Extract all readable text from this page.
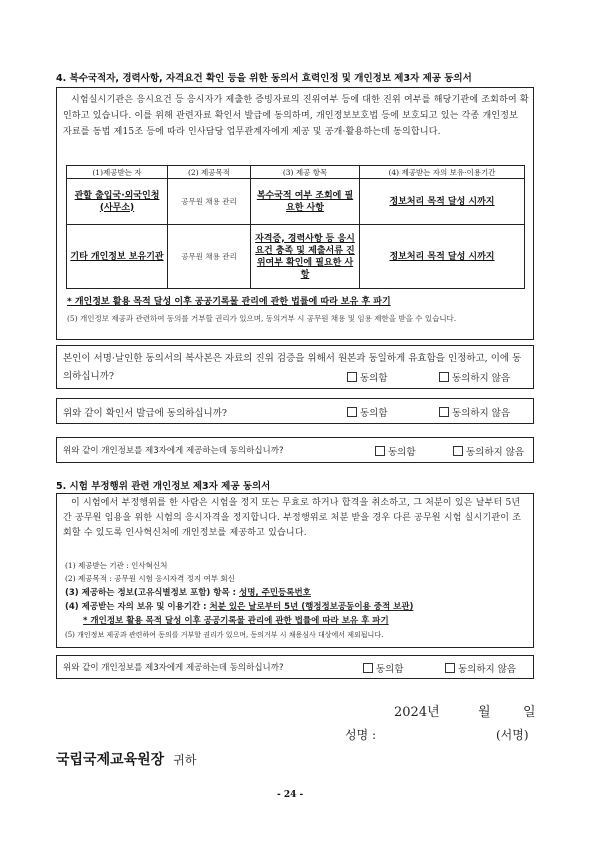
4. 복수국적자, 경력사항, 자격요건 확인 등을 위한 동의서 효력인정 및 개인정보 제3자 제공 동의서

시험실시기관은 응시요건 등 응시자가 제출한 증빙자료의 진위여부 등에 대한 진위 여부를 해당기관에 조회하여 확인하고 있습니다. 이를 위해 관련자료 확인서 발급에 동의하며, 개인정보보호법 등에 보호되고 있는 각종 개인정보 자료를 동법 제15조 등에 따라 인사담당 업무관계자에게 제공 및 공개·활용하는데 동의합니다.

(1)제공받는 자	(2) 제공목적	(3) 제공 항목	(4) 제공받는 자의 보유·이용기간
관할 출입국·외국인청(사무소)	공무원 채용 관리	복수국적 여부 조회에 필요한 사항	정보처리 목적 달성 시까지
기타 개인정보 보유기관	공무원 채용 관리	자격증, 경력사항 등 응시요건 충족 및 제출서류 진위여부 확인에 필요한 사항	정보처리 목적 달성 시까지
* 개인정보 활용 목적 달성 이후 공공기록물 관리에 관한 법률에 따라 보유 후 파기
(5) 개인정보 제공과 관련하여 동의를 거부할 권리가 있으며, 동의거부 시 공무원 채용 및 임용 제한을 받을 수 있습니다.
본인이 서명·날인한 동의서의 복사본은 자료의 진위 검증을 위해서 원본과 동일하게 유효함을 인정하고, 이에 동의하십니까?	동의함	동의하지 않음
위와 같이 확인서 발급에 동의하십니까?	동의함	동의하지 않음
위와 같이 개인정보를 제3자에게 제공하는데 동의하십니까?	동의함	동의하지 않음
5. 시험 부정행위 관련 개인정보 제3자 제공 동의서

이 시험에서 부정행위를 한 사람은 시험을 정지 또는 무효로 하거나 합격을 취소하고, 그 처분이 있은 날부터 5년간 공무원 임용을 위한 시험의 응시자격을 정지합니다. 부정행위로 처분 받을 경우 다른 공무원 시험 실시기관이 조회할 수 있도록 인사혁신처에 개인정보를 제공하고 있습니다.

(1) 제공받는 기관 : 인사혁신처
(2) 제공목적 : 공무원 시험 응시자격 정지 여부 회신
(3) 제공하는 정보(고유식별정보 포함) 항목 : 성명, 주민등록번호
(4) 제공받는 자의 보유 및 이용기간 : 처분 있은 날로부터 5년 (행정정보공동이용 중적 보관)
* 개인정보 활용 목적 달성 이후 공공기록물 관리에 관한 법률에 따라 보유 후 파기
(5) 개인정보 제공과 관련하여 동의를 거부할 권리가 있으며, 동의거부 시 채용심사 대상에서 제외됩니다.
위와 같이 개인정보를 제3자에게 제공하는데 동의하십니까?	동의함	동의하지 않음
2024년	월 일
성명 :	(서명)
국립국제교육원장 귀하
- 24 -
